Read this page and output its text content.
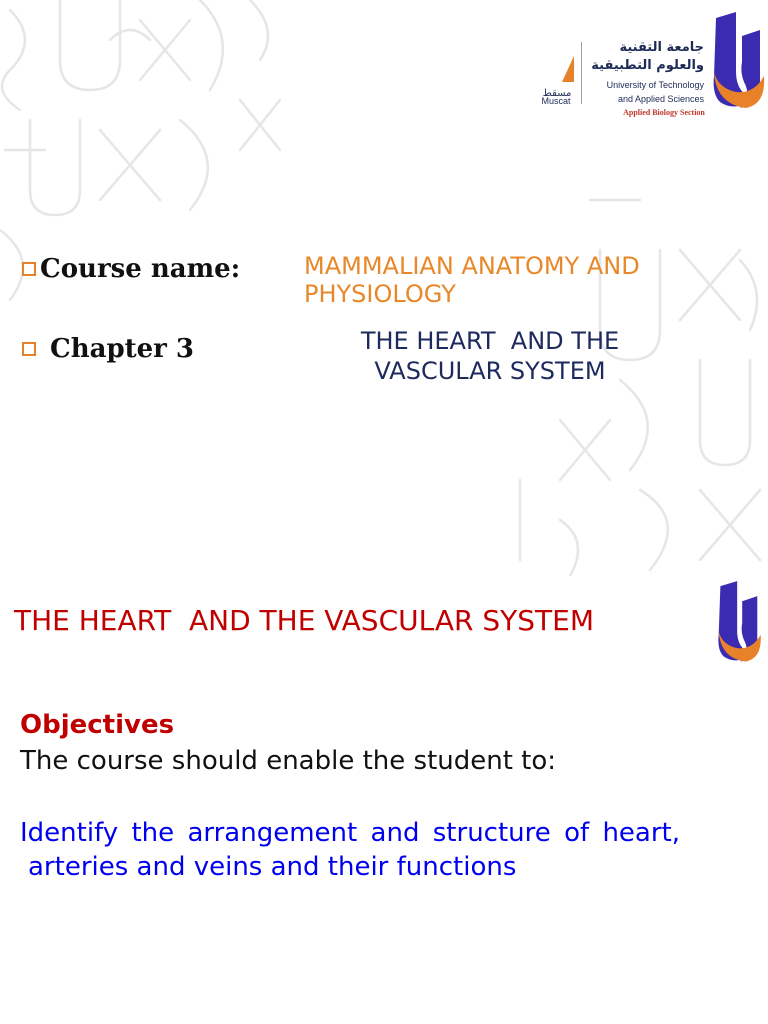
مسقط
Muscat
جامعة التقنية
والعلوم التطبيقية
University of Technology
and Applied Sciences
Applied Biology Section
Course name:	MAMMALIAN ANATOMY AND PHYSIOLOGY
Chapter 3	THE HEART  AND THE
VASCULAR SYSTEM
THE HEART  AND THE VASCULAR SYSTEM
Objectives
The course should enable the student to:

Identify the arrangement and structure of heart, arteries and veins and their functions
